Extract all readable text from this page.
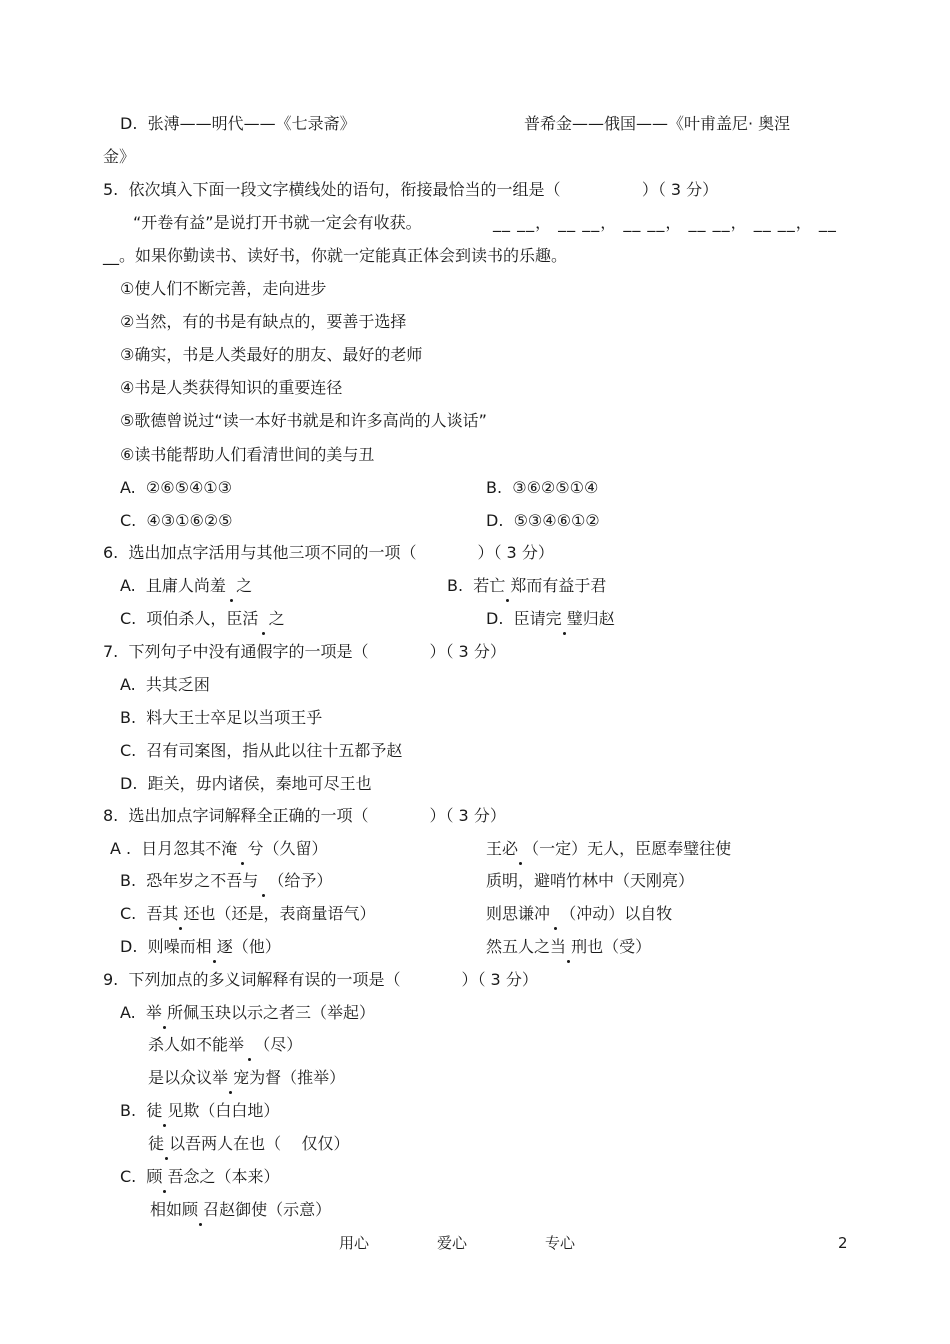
D.  张溥——明代——《七录斋》	普希金——俄国——《叶甫盖尼· 奥涅
金》
5.  依次填入下面一段文字横线处的语句，衔接最恰当的一组是（                ）（ 3 分）
“开卷有益”是说打开书就一定会有收获。	__ __， __ __， __ __， __ __， __ __， __
__。如果你勤读书、读好书，你就一定能真正体会到读书的乐趣。
①使人们不断完善，走向进步
②当然，有的书是有缺点的，要善于选择
③确实，书是人类最好的朋友、最好的老师
④书是人类获得知识的重要连径
⑤歌德曾说过“读一本好书就是和许多高尚的人谈话”
⑥读书能帮助人们看清世间的美与丑
A.  ②⑥⑤④①③	B.  ③⑥②⑤①④
C.  ④③①⑥②⑤	D.  ⑤③④⑥①②
6.  选出加点字活用与其他三项不同的一项（            ）（ 3 分）
A.  且庸人尚羞 之	B.  若亡 郑而有益于君
C.  项伯杀人，臣活 之	D.  臣请完 璧归赵
7.  下列句子中没有通假字的一项是（            ）（ 3 分）
A.  共其乏困
B.  料大王士卒足以当项王乎
C.  召有司案图，指从此以往十五都予赵
D.  距关，毋内诸侯，秦地可尽王也
8.  选出加点字词解释全正确的一项（            ）（ 3 分）
A .  日月忽其不淹 兮（久留）	王必 （一定）无人，臣愿奉璧往使
B.  恐年岁之不吾与 （给予）	质明，避哨竹林中（天刚亮）
C.  吾其 还也（还是，表商量语气）	则思谦冲 （冲动）以自牧
D.  则噪而相 逐（他）	然五人之当 刑也（受）
9.  下列加点的多义词解释有误的一项是（            ）（ 3 分）
A.  举 所佩玉玦以示之者三（举起）
杀人如不能举 （尽）
是以众议举 宠为督（推举）
B.  徒 见欺（白白地）
徒 以吾两人在也（    仅仅）
C.  顾 吾念之（本来）
相如顾 召赵御使（示意）
用心	爱心	专心	2
